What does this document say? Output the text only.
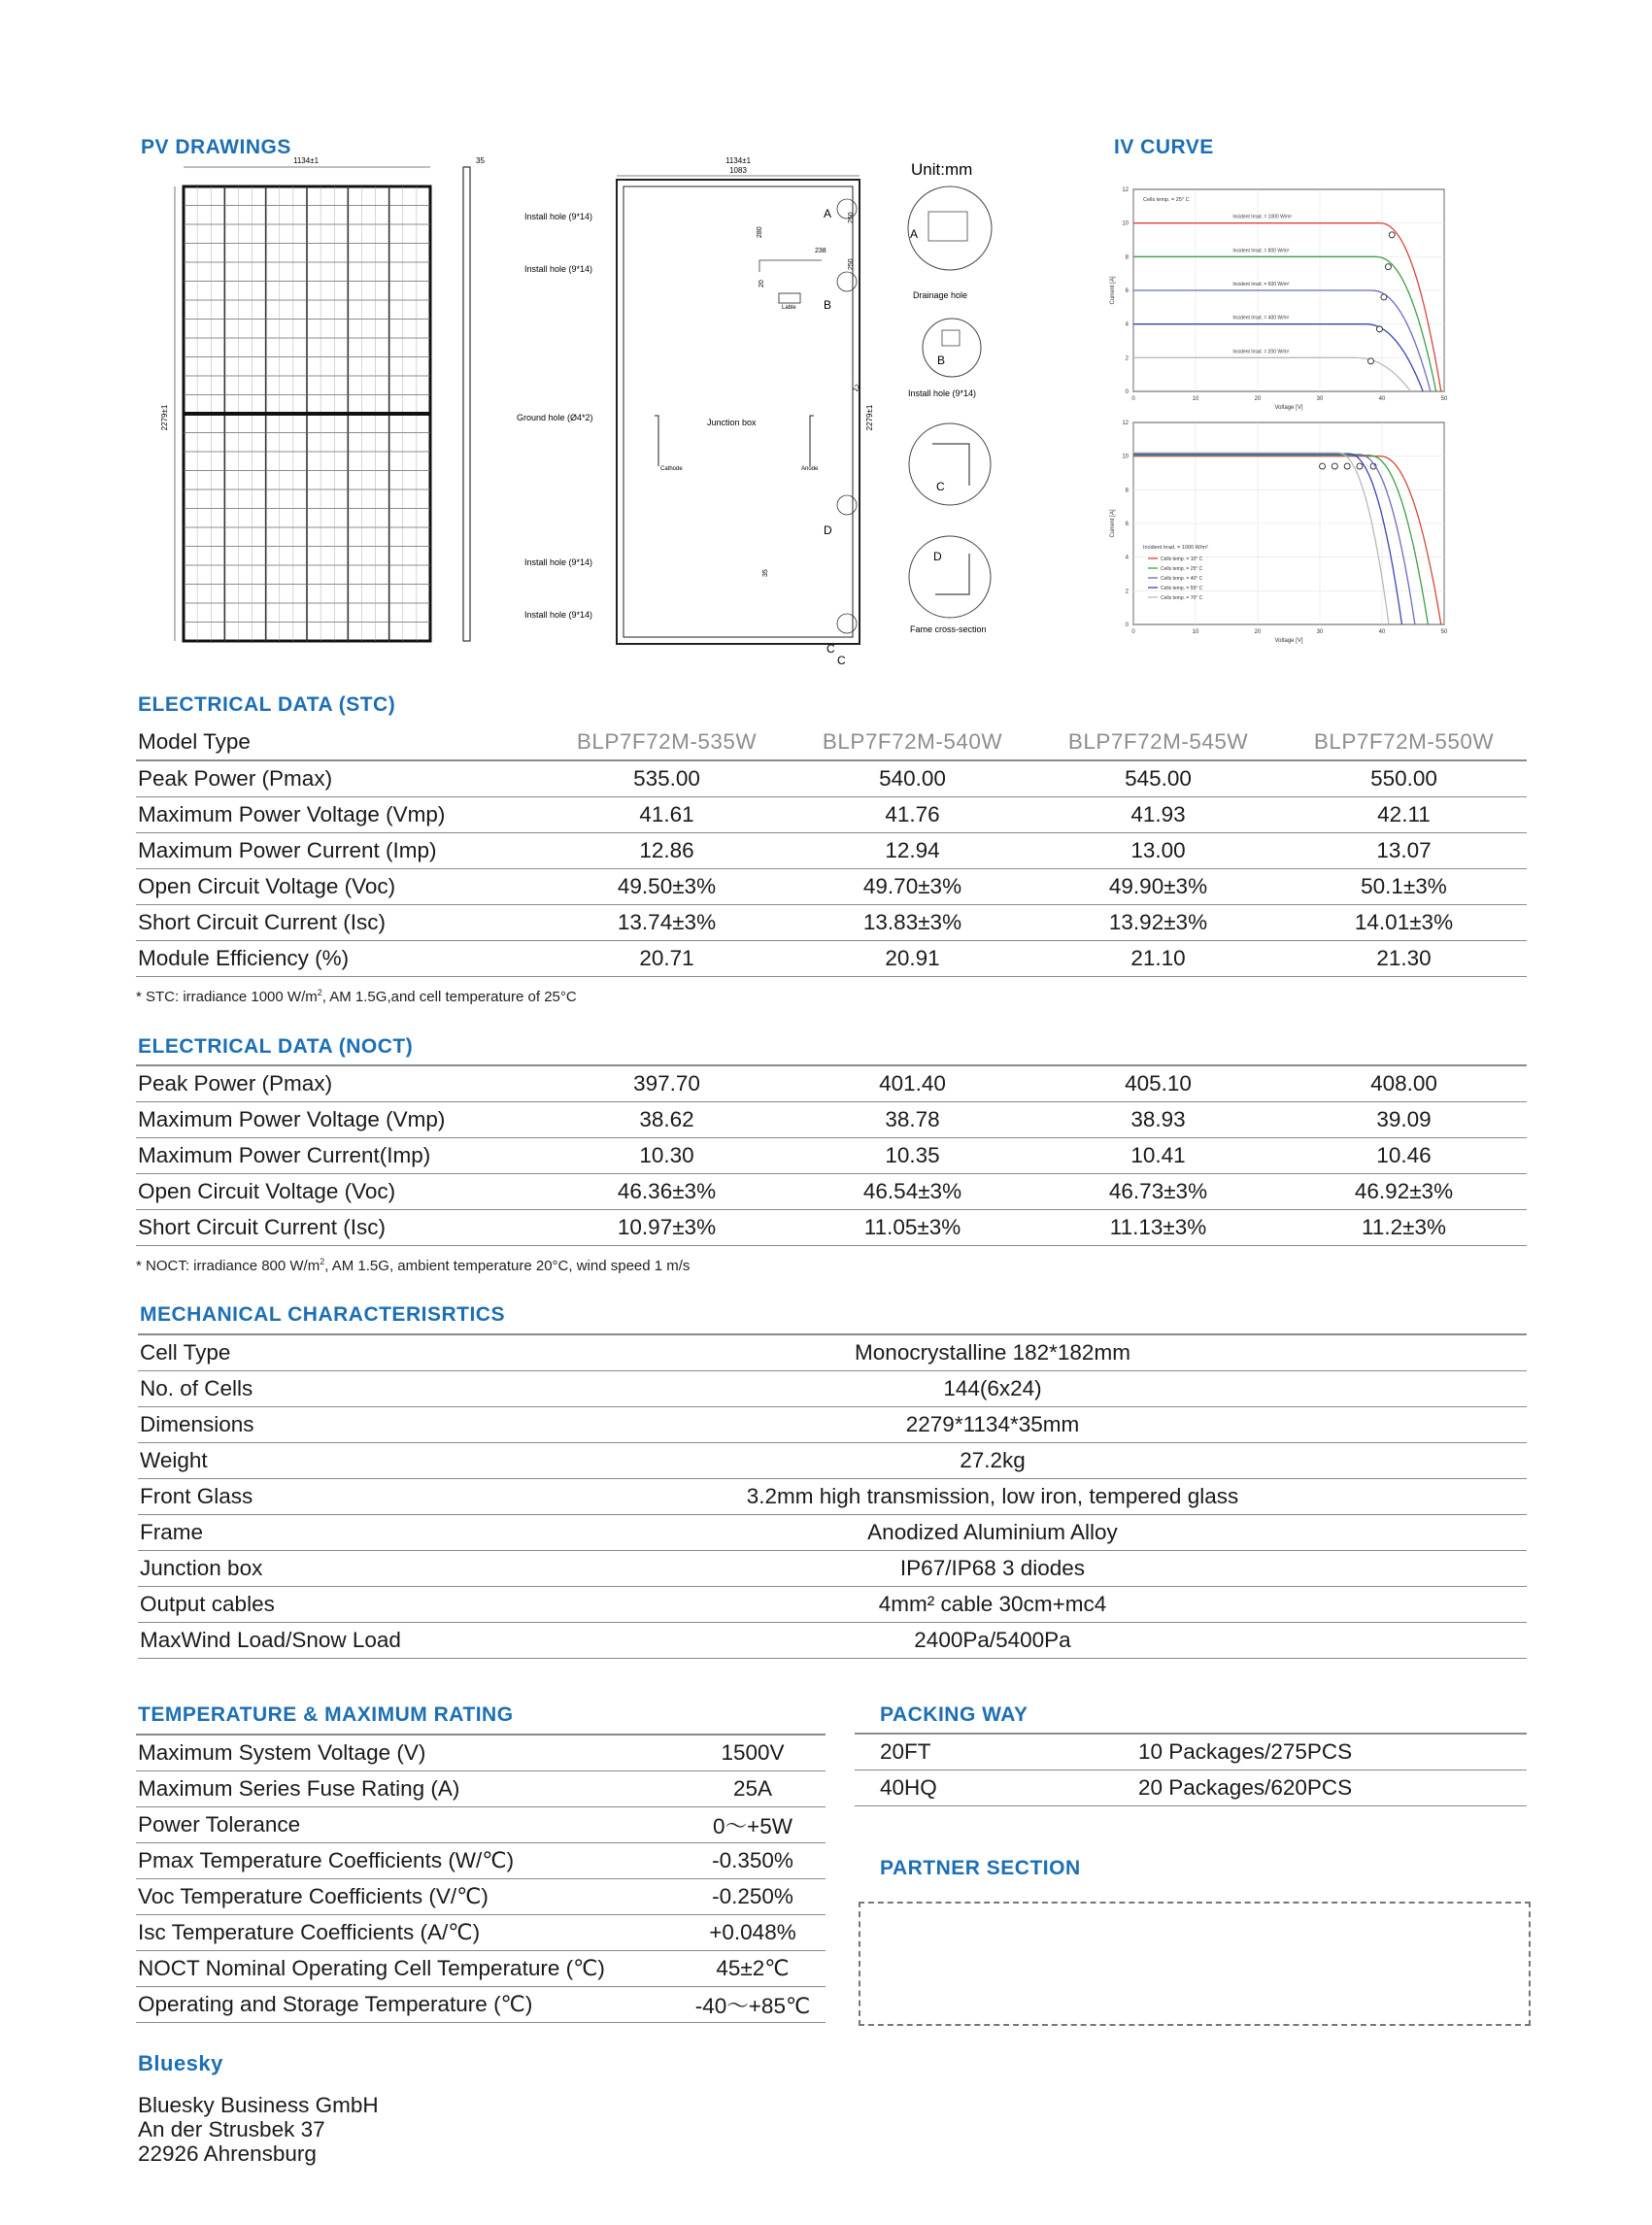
PV DRAWINGS
1134±1
2279±1
35	1134±1
1083
2279±1
Install hole (9*14)
Install hole (9*14)
Ground hole (Ø4*2)	Junction box
Install hole (9*14)
Install hole (9*14)
Cathode	Anode
Lable
238
280
20
250
250
35
12
A
B
C
D
C
Unit:mm
A
Drainage hole
B
Install hole (9*14)
C
D
Fame cross-section
IV CURVE
0
2
4
6
8
10
12
0	10	20	30	40	50
Voltage [V]
Current [A]
Cells temp. = 25° C
Incident Irrad. = 1000 W/m²
Incident Irrad. = 800 W/m²
Incident Irrad. = 600 W/m²
Incident Irrad. = 400 W/m²
Incident Irrad. = 200 W/m²
0
2
4
6
8
10
12
0	10	20	30	40	50
Voltage [V]
Current [A]
Incident Irrad. = 1000 W/m²
Cells temp. = 10° C
Cells temp. = 25° C
Cells temp. = 40° C
Cells temp. = 55° C
Cells temp. = 70° C
ELECTRICAL DATA (STC)
Model Type	BLP7F72M-535W	BLP7F72M-540W	BLP7F72M-545W	BLP7F72M-550W
Peak Power (Pmax)	535.00	540.00	545.00	550.00
Maximum Power Voltage (Vmp)	41.61	41.76	41.93	42.11
Maximum Power Current (Imp)	12.86	12.94	13.00	13.07
Open Circuit Voltage (Voc)	49.50±3%	49.70±3%	49.90±3%	50.1±3%
Short Circuit Current (Isc)	13.74±3%	13.83±3%	13.92±3%	14.01±3%
Module Efficiency (%)	20.71	20.91	21.10	21.30
* STC: irradiance 1000 $W/m^2$, AM 1.5G,and cell temperature of 25°C
ELECTRICAL DATA (NOCT)
Peak Power (Pmax)	397.70	401.40	405.10	408.00
Maximum Power Voltage (Vmp)	38.62	38.78	38.93	39.09
Maximum Power Current(Imp)	10.30	10.35	10.41	10.46
Open Circuit Voltage (Voc)	46.36±3%	46.54±3%	46.73±3%	46.92±3%
Short Circuit Current (Isc)	10.97±3%	11.05±3%	11.13±3%	11.2±3%
* NOCT: irradiance 800 $W/m^2$, AM 1.5G, ambient temperature 20°C, wind speed 1 m/s
MECHANICAL CHARACTERISRTICS
Cell Type	Monocrystalline 182*182mm
No. of Cells	144(6x24)
Dimensions	2279*1134*35mm
Weight	27.2kg
Front Glass	3.2mm high transmission, low iron, tempered glass
Frame	Anodized Aluminium Alloy
Junction box	IP67/IP68 3 diodes
Output cables	4mm² cable 30cm+mc4
MaxWind Load/Snow Load	2400Pa/5400Pa
TEMPERATURE & MAXIMUM RATING
Maximum System Voltage (V)	1500V
Maximum Series Fuse Rating (A)	25A
Power Tolerance	0～+5W
Pmax Temperature Coefficients (W/℃)	-0.350%
Voc Temperature Coefficients (V/℃)	-0.250%
Isc Temperature Coefficients (A/℃)	+0.048%
NOCT Nominal Operating Cell Temperature (℃)	45±2℃
Operating and Storage Temperature (℃)	-40～+85℃
PACKING WAY
20FT	10 Packages/275PCS
40HQ	20 Packages/620PCS
PARTNER SECTION
Bluesky
Bluesky Business GmbH
An der Strusbek 37
22926 Ahrensburg
